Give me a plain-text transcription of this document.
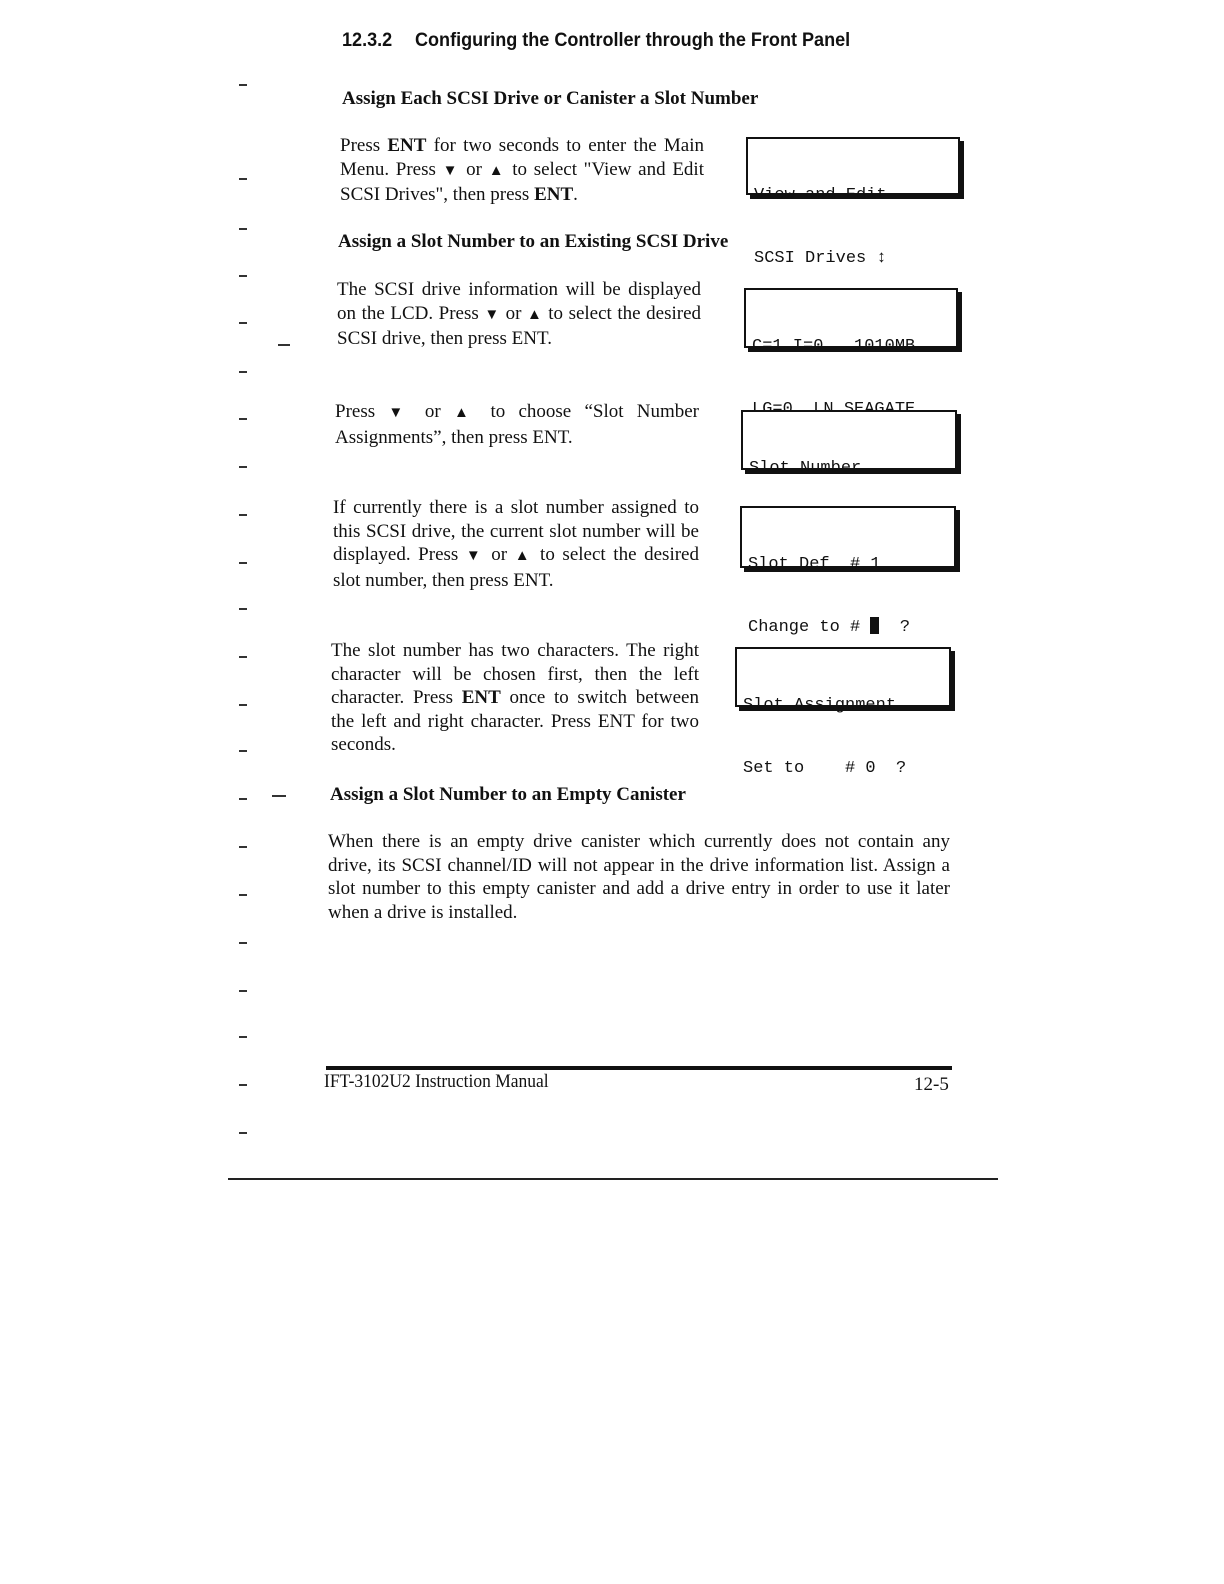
12.3.2 Configuring the Controller through the Front Panel
Assign Each SCSI Drive or Canister a Slot Number
Press ENT for two seconds to enter the Main Menu. Press ▼ or ▲ to select "View and Edit SCSI Drives", then press ENT.

	View and Edit

SCSI Drives ↕

Assign a Slot Number to an Existing SCSI Drive
The SCSI drive information will be displayed on the LCD. Press ▼ or ▲ to select the desired SCSI drive, then press ENT.

	C=1 I=0   1010MB

Press ▼ or ▲ to choose “Slot Number Assignments”, then press ENT.

Slot Number

If currently there is a slot number assigned to this SCSI drive, the current slot number will be displayed. Press ▼ or ▲ to select the desired slot number, then press ENT.

Slot Def  # 1

Change to #   ?

The slot number has two characters. The right character will be chosen first, then the left character. Press ENT once to switch between the left and right character. Press ENT for two seconds.

Slot Assignment

Set to    # 0  ?

Assign a Slot Number to an Empty Canister
When there is an empty drive canister which currently does not contain any drive, its SCSI channel/ID will not appear in the drive information list. Assign a slot number to this empty canister and add a drive entry in order to use it later when a drive is installed.
IFT-3102U2 Instruction Manual	12-5
